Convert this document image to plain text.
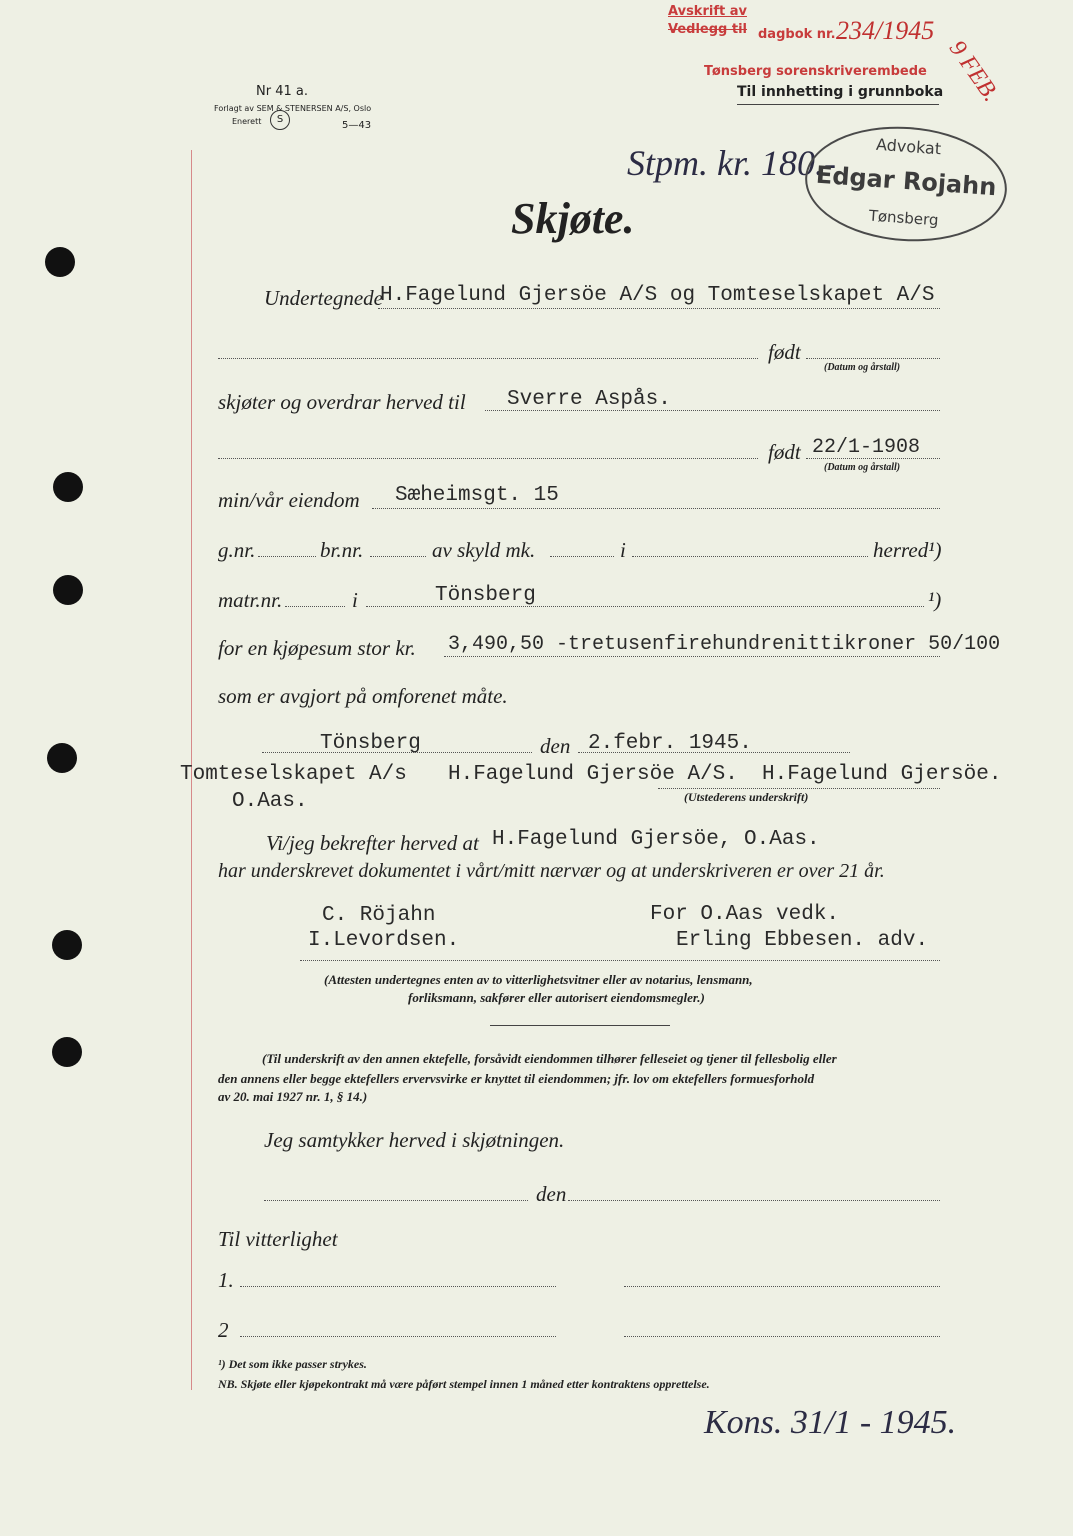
Avskrift av
Vedlegg til dagbok nr. 234/1945
9 FEB.
Tønsberg sorenskriverembede
Til innhetting i grunnboka
Nr 41 a.
Forlagt av SEM & STENERSEN A/S, Oslo
Enerett	S
5—43
Stpm. kr. 180.-	Advokat
Edgar Rojahn
Tønsberg
Skjøte.
Undertegnede
H.Fagelund Gjersöe A/S og Tomteselskapet A/S
født
(Datum og årstall)
skjøter og overdrar herved til Sverre Aspås.
født 22/1-1908
(Datum og årstall)
min/vår eiendom Sæheimsgt. 15
g.nr.	br.nr.	av skyld mk.	i	herred¹)
matr.nr.	i	Tönsberg	¹)
for en kjøpesum stor kr. 3,490,50 -tretusenfirehundrenittikroner 50/100
som er avgjort på omforenet måte.
Tönsberg	den 2.febr. 1945.
Tomteselskapet A/s
O.Aas.
H.Fagelund Gjersöe A/S. H.Fagelund Gjersöe.
(Utstederens underskrift)
Vi/jeg bekrefter herved at H.Fagelund Gjersöe, O.Aas.
har underskrevet dokumentet i vårt/mitt nærvær og at underskriveren er over 21 år.
C. Röjahn
I.Levordsen.
For O.Aas vedk.
Erling Ebbesen. adv.
(Attesten undertegnes enten av to vitterlighetsvitner eller av notarius, lensmann,
forliksmann, sakfører eller autorisert eiendomsmegler.)
(Til underskrift av den annen ektefelle, forsåvidt eiendommen tilhører felleseiet og tjener til fellesbolig eller
den annens eller begge ektefellers ervervsvirke er knyttet til eiendommen; jfr. lov om ektefellers formuesforhold
av 20. mai 1927 nr. 1, § 14.)
Jeg samtykker herved i skjøtningen.
den
Til vitterlighet
1.
2
¹) Det som ikke passer strykes.
NB. Skjøte eller kjøpekontrakt må være påført stempel innen 1 måned etter kontraktens opprettelse.
Kons. 31/1 - 1945.
